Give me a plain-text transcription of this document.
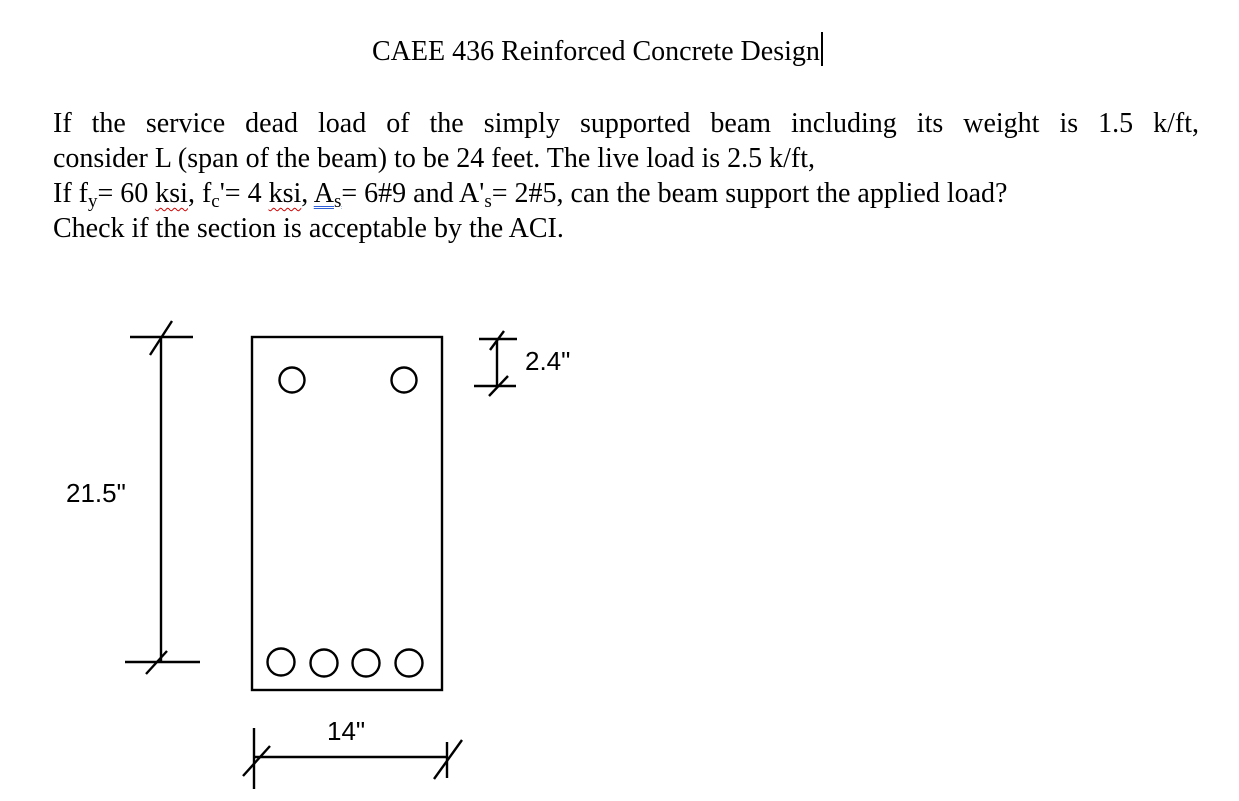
CAEE 436 Reinforced Concrete Design
If the service dead load of the simply supported beam including its weight is 1.5 k/ft,
consider L (span of the beam) to be 24 feet. The live load is 2.5 k/ft,
If $f_y= 60$ ksi, $f_c'= 4$ ksi, $A_s=$ 6#9 and $A'_s=$ 2#5, can the beam support the applied load?
Check if the section is acceptable by the ACI.
21.5"
2.4"
14"
